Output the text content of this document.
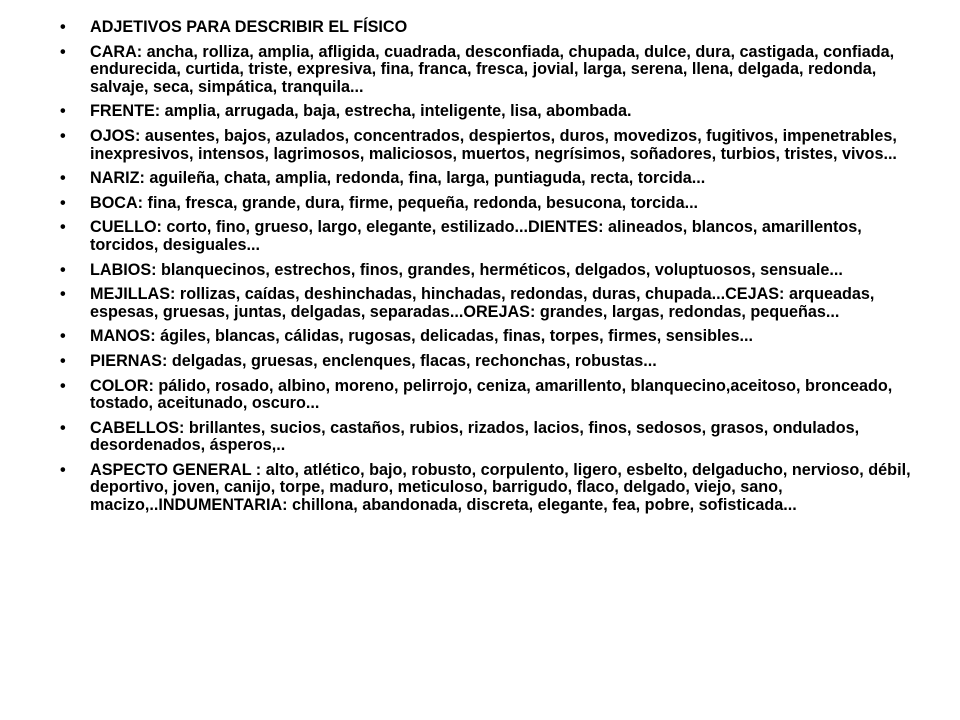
• ADJETIVOS PARA DESCRIBIR EL FÍSICO
• CARA: ancha, rolliza, amplia, afligida, cuadrada, desconfiada, chupada, dulce, dura, castigada, confiada, endurecida, curtida, triste, expresiva, fina, franca, fresca, jovial, larga, serena, llena, delgada, redonda, salvaje, seca, simpática, tranquila...
• FRENTE: amplia, arrugada, baja, estrecha, inteligente, lisa, abombada.
• OJOS: ausentes, bajos, azulados, concentrados, despiertos, duros, movedizos, fugitivos, impenetrables, inexpresivos, intensos, lagrimosos, maliciosos, muertos, negrísimos, soñadores, turbios, tristes, vivos...
• NARIZ: aguileña, chata, amplia, redonda, fina, larga, puntiaguda, recta, torcida...
• BOCA: fina, fresca, grande, dura, firme, pequeña, redonda, besucona, torcida...
• CUELLO: corto, fino, grueso, largo, elegante, estilizado...DIENTES: alineados, blancos, amarillentos, torcidos, desiguales...
• LABIOS: blanquecinos, estrechos, finos, grandes, herméticos, delgados, voluptuosos, sensuale...
• MEJILLAS: rollizas, caídas, deshinchadas, hinchadas, redondas, duras, chupada...CEJAS: arqueadas, espesas, gruesas, juntas, delgadas, separadas...OREJAS: grandes, largas, redondas, pequeñas...
• MANOS: ágiles, blancas, cálidas, rugosas, delicadas, finas, torpes, firmes, sensibles...
• PIERNAS: delgadas, gruesas, enclenques, flacas, rechonchas, robustas...
• COLOR: pálido, rosado, albino, moreno, pelirrojo, ceniza, amarillento, blanquecino,aceitoso, bronceado, tostado, aceitunado, oscuro...
• CABELLOS: brillantes, sucios, castaños, rubios, rizados, lacios, finos, sedosos, grasos, ondulados, desordenados, ásperos,..
• ASPECTO GENERAL : alto, atlético, bajo, robusto, corpulento, ligero, esbelto, delgaducho, nervioso, débil, deportivo, joven, canijo, torpe, maduro, meticuloso, barrigudo, flaco, delgado, viejo, sano, macizo,..INDUMENTARIA: chillona, abandonada, discreta, elegante, fea, pobre, sofisticada...
